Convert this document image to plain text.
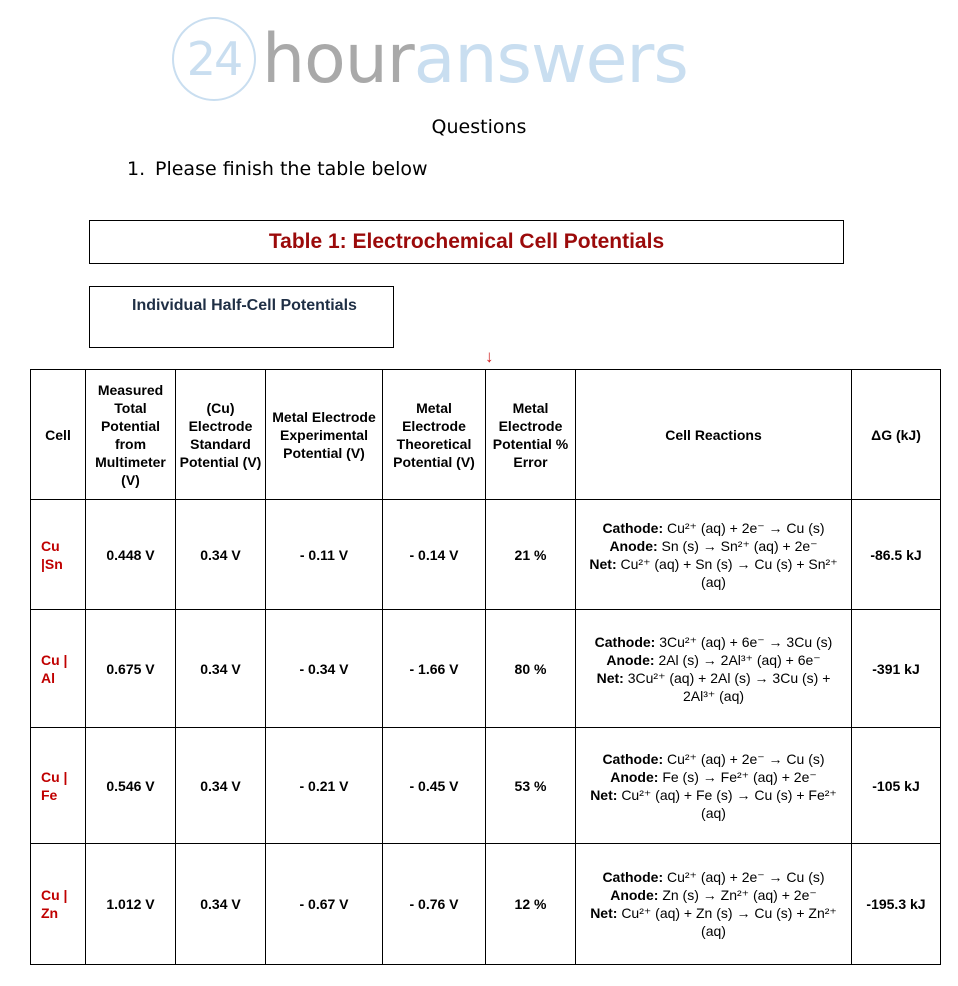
24 hour answers
Questions
1. Please finish the table below
Table 1: Electrochemical Cell Potentials
Individual Half-Cell Potentials
↓
Cell	Measured Total Potential from Multimeter (V)	(Cu) Electrode Standard Potential (V)	Metal Electrode Experimental Potential (V)	Metal Electrode Theoretical Potential (V)	Metal Electrode Potential % Error	Cell Reactions	ΔG (kJ)
Cu |Sn	0.448 V	0.34 V	- 0.11 V	- 0.14 V	21 %	Cathode: Cu²⁺ (aq) + 2e⁻ → Cu (s)
Anode: Sn (s) → Sn²⁺ (aq) + 2e⁻
Net: Cu²⁺ (aq) + Sn (s) → Cu (s) + Sn²⁺ (aq)	-86.5 kJ
Cu | Al	0.675 V	0.34 V	- 0.34 V	- 1.66 V	80 %	Cathode: 3Cu²⁺ (aq) + 6e⁻ → 3Cu (s)
Anode: 2Al (s) → 2Al³⁺ (aq) + 6e⁻
Net: 3Cu²⁺ (aq) + 2Al (s) → 3Cu (s) + 2Al³⁺ (aq)	-391 kJ
Cu | Fe	0.546 V	0.34 V	- 0.21 V	- 0.45 V	53 %	Cathode: Cu²⁺ (aq) + 2e⁻ → Cu (s)
Anode: Fe (s) → Fe²⁺ (aq) + 2e⁻
Net: Cu²⁺ (aq) + Fe (s) → Cu (s) + Fe²⁺ (aq)	-105 kJ
Cu | Zn	1.012 V	0.34 V	- 0.67 V	- 0.76 V	12 %	Cathode: Cu²⁺ (aq) + 2e⁻ → Cu (s)
Anode: Zn (s) → Zn²⁺ (aq) + 2e⁻
Net: Cu²⁺ (aq) + Zn (s) → Cu (s) + Zn²⁺ (aq)	-195.3 kJ
